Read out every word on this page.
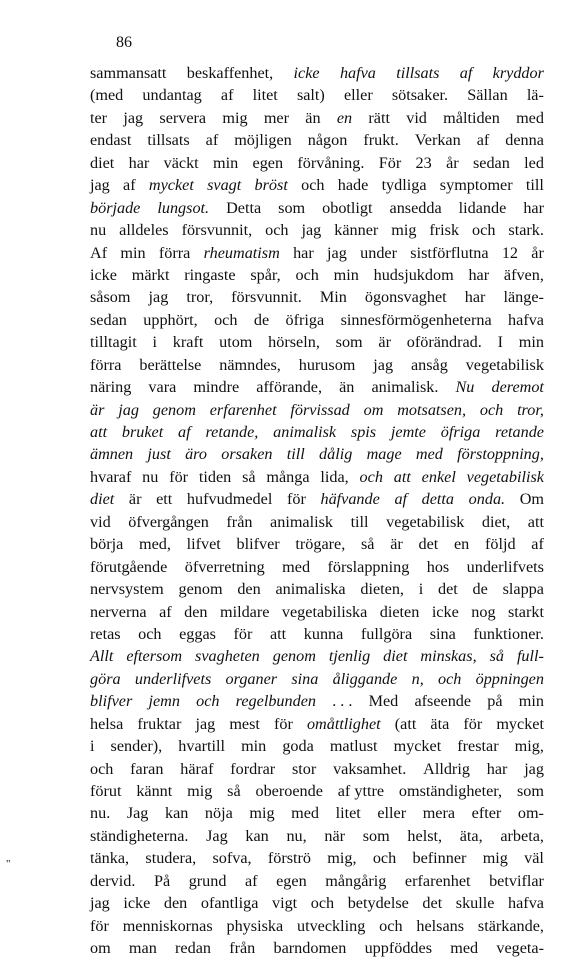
86
sammansatt beskaffenhet, icke hafva tillsats af kryddor
(med undantag af litet salt) eller sötsaker. Sällan lä-
ter jag servera mig mer än en rätt vid måltiden med
endast tillsats af möjligen någon frukt. Verkan af denna
diet har väckt min egen förvåning. För 23 år sedan led
jag af mycket svagt bröst och hade tydliga symptomer till
började lungsot. Detta som obotligt ansedda lidande har
nu alldeles försvunnit, och jag känner mig frisk och stark.
Af min förra rheumatism har jag under sistförflutna 12 år
icke märkt ringaste spår, och min hudsjukdom har äfven,
såsom jag tror, försvunnit. Min ögonsvaghet har länge-
sedan upphört, och de öfriga sinnesförmögenheterna hafva
tilltagit i kraft utom hörseln, som är oförändrad. I min
förra berättelse nämndes, hurusom jag ansåg vegetabilisk
näring vara mindre afförande, än animalisk. Nu deremot
är jag genom erfarenhet förvissad om motsatsen, och tror,
att bruket af retande, animalisk spis jemte öfriga retande
ämnen just äro orsaken till dålig mage med förstoppning,
hvaraf nu för tiden så många lida, och att enkel vegetabilisk
diet är ett hufvudmedel för häfvande af detta onda. Om
vid öfvergången från animalisk till vegetabilisk diet, att
börja med, lifvet blifver trögare, så är det en följd af
förutgående öfverretning med förslappning hos underlifvets
nervsystem genom den animaliska dieten, i det de slappa
nerverna af den mildare vegetabiliska dieten icke nog starkt
retas och eggas för att kunna fullgöra sina funktioner.
Allt eftersom svagheten genom tjenlig diet minskas, så full-
göra underlifvets organer sina åliggande n, och öppningen
blifver jemn och regelbunden . . . Med afseende på min
helsa fruktar jag mest för omåttlighet (att äta för mycket
i sender), hvartill min goda matlust mycket frestar mig,
och faran häraf fordrar stor vaksamhet. Alldrig har jag
förut kännt mig så oberoende af yttre omständigheter, som
nu. Jag kan nöja mig med litet eller mera efter om-
ständigheterna. Jag kan nu, när som helst, äta, arbeta,
tänka, studera, sofva, förströ mig, och befinner mig väl
dervid. På grund af egen mångårig erfarenhet betviflar
jag icke den ofantliga vigt och betydelse det skulle hafva
för menniskornas physiska utveckling och helsans stärkande,
om man redan från barndomen uppföddes med vegeta-
"
